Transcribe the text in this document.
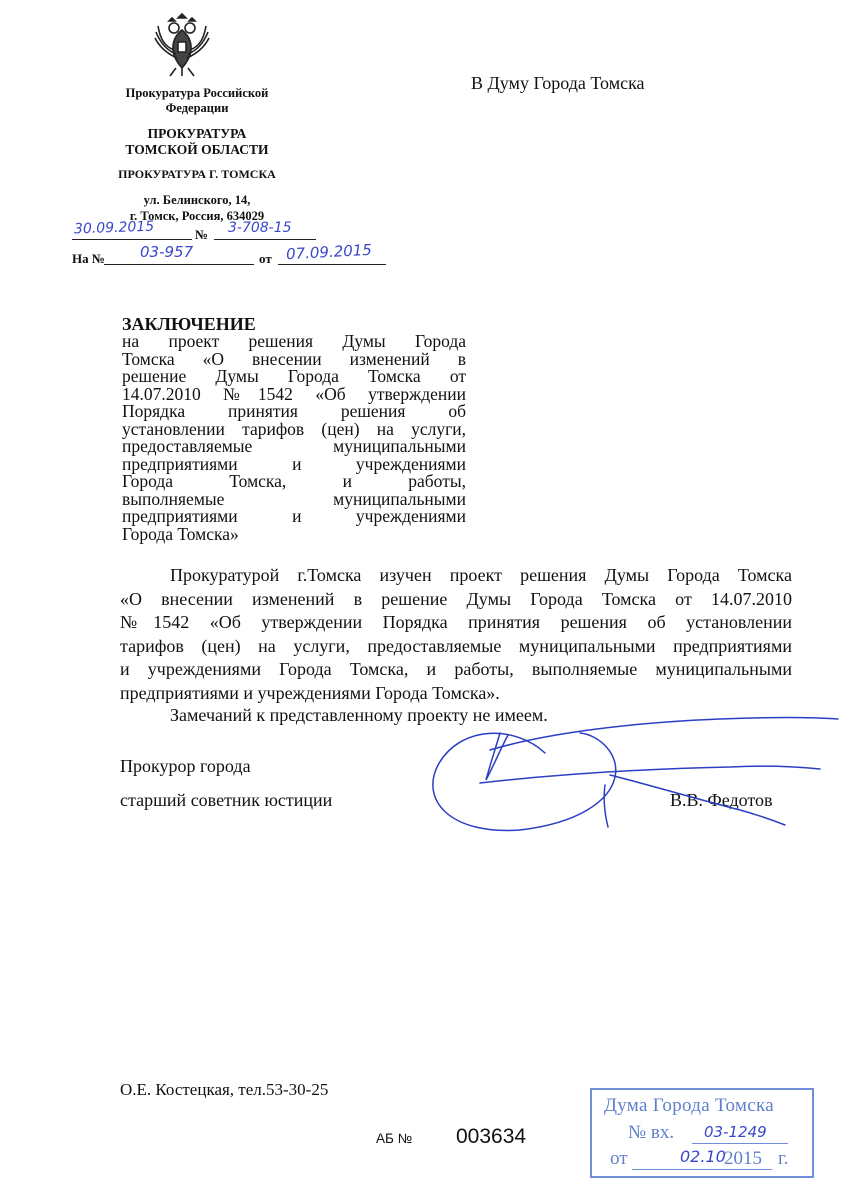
Прокуратура Российской
Федерации
ПРОКУРАТУРА
ТОМСКОЙ ОБЛАСТИ
ПРОКУРАТУРА Г. ТОМСКА
ул. Белинского, 14,
г. Томск, Россия, 634029
30.09.2015	№ 3-708-15
На № 03-957	от 07.09.2015
В Думу Города Томска
ЗАКЛЮЧЕНИЕ
на проект решения Думы Города
Томска «О внесении изменений в
решение Думы Города Томска от
14.07.2010 №1542 «Об утверждении
Порядка принятия решения об
установлении тарифов (цен) на услуги,
предоставляемые муниципальными
предприятиями и учреждениями
Города Томска, и работы,
выполняемые муниципальными
предприятиями и учреждениями
Города Томска»
Прокуратурой г.Томска изучен проект решения Думы Города Томска
«О внесении изменений в решение Думы Города Томска от 14.07.2010
№1542 «Об утверждении Порядка принятия решения об установлении
тарифов (цен) на услуги, предоставляемые муниципальными предприятиями
и учреждениями Города Томска, и работы, выполняемые муниципальными
предприятиями и учреждениями Города Томска».
Замечаний к представленному проекту не имеем.
Прокурор города
старший советник юстиции	В.В. Федотов
О.Е. Костецкая, тел.53-30-25
АБ № 003634
Дума Города Томска
№ вх. 03-1249
от	02.10
2015 г.
